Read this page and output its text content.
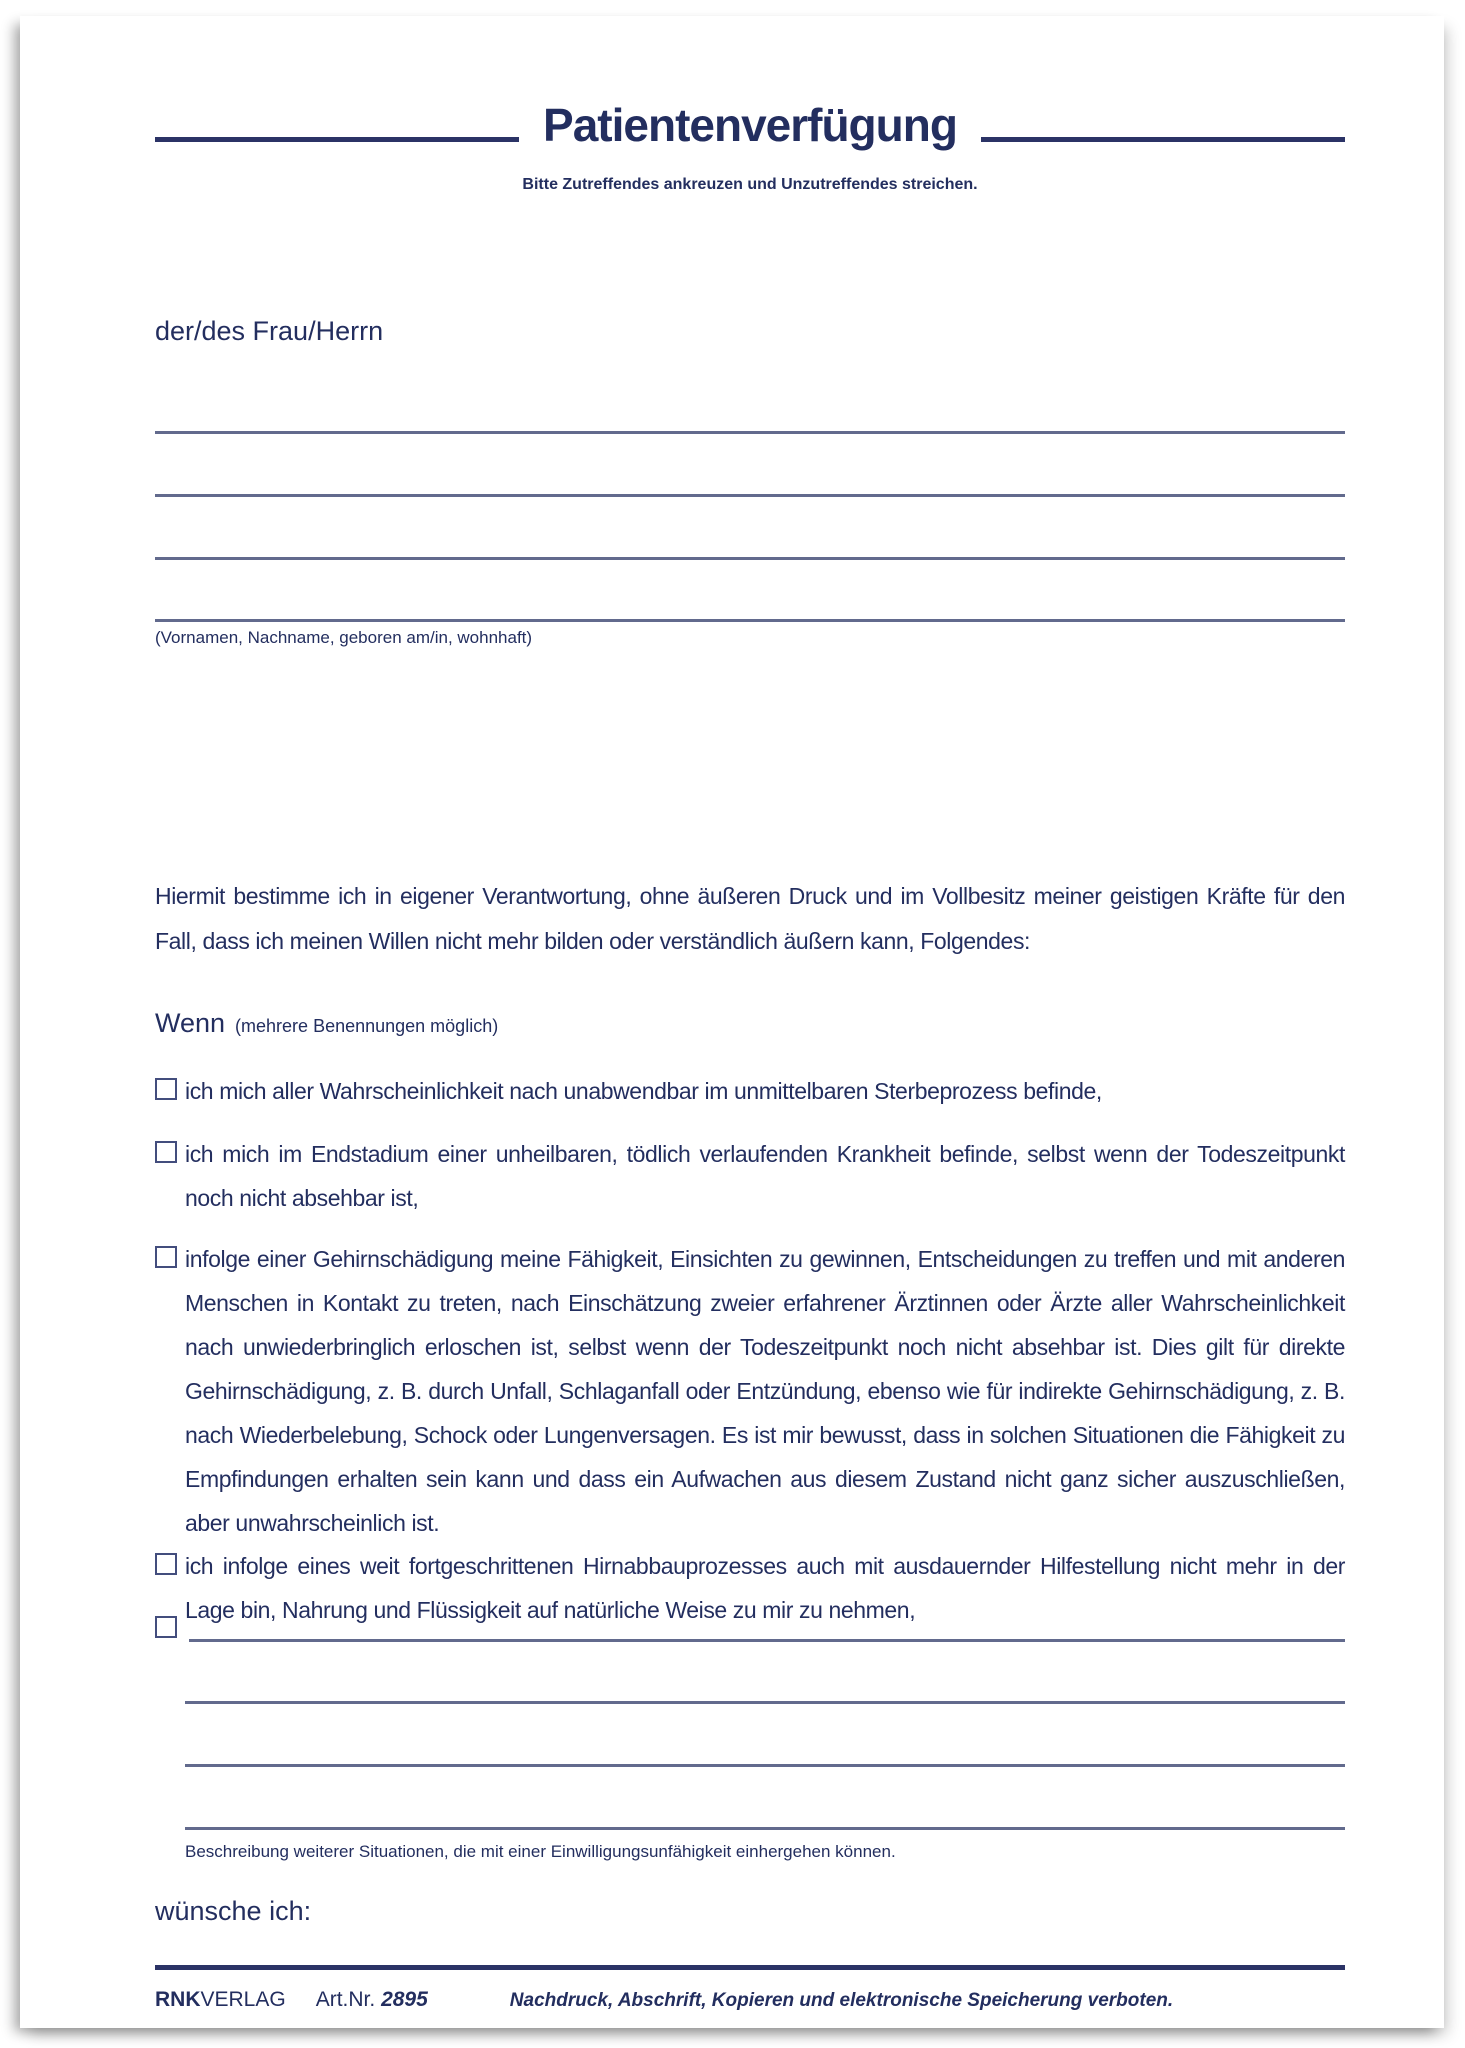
Patientenverfügung

Bitte Zutreffendes ankreuzen und Unzutreffendes streichen.

der/des Frau/Herrn

(Vornamen, Nachname, geboren am/in, wohnhaft)

Hiermit bestimme ich in eigener Verantwortung, ohne äußeren Druck und im Vollbesitz meiner geistigen Kräfte für den Fall, dass ich meinen Willen nicht mehr bilden oder verständlich äußern kann, Folgendes:

Wenn (mehrere Benennungen möglich)

ich mich aller Wahrscheinlichkeit nach unabwendbar im unmittelbaren Sterbeprozess befinde,

ich mich im Endstadium einer unheilbaren, tödlich verlaufenden Krankheit befinde, selbst wenn der Todeszeitpunkt noch nicht absehbar ist,

infolge einer Gehirnschädigung meine Fähigkeit, Einsichten zu gewinnen, Entscheidungen zu treffen und mit anderen Menschen in Kontakt zu treten, nach Einschätzung zweier erfahrener Ärztinnen oder Ärzte aller Wahrscheinlichkeit nach unwiederbringlich erloschen ist, selbst wenn der Todeszeitpunkt noch nicht absehbar ist. Dies gilt für direkte Gehirnschädigung, z. B. durch Unfall, Schlaganfall oder Entzündung, ebenso wie für indirekte Gehirnschädigung, z. B. nach Wiederbelebung, Schock oder Lungenversagen. Es ist mir bewusst, dass in solchen Situationen die Fähigkeit zu Empfindungen erhalten sein kann und dass ein Aufwachen aus diesem Zustand nicht ganz sicher auszuschließen, aber unwahrscheinlich ist.

ich infolge eines weit fortgeschrittenen Hirnabbauprozesses auch mit ausdauernder Hilfestellung nicht mehr in der Lage bin, Nahrung und Flüssigkeit auf natürliche Weise zu mir zu nehmen,

Beschreibung weiterer Situationen, die mit einer Einwilligungsunfähigkeit einhergehen können.

wünsche ich:

RNKVERLAG Art.Nr. 2895	Nachdruck, Abschrift, Kopieren und elektronische Speicherung verboten.
